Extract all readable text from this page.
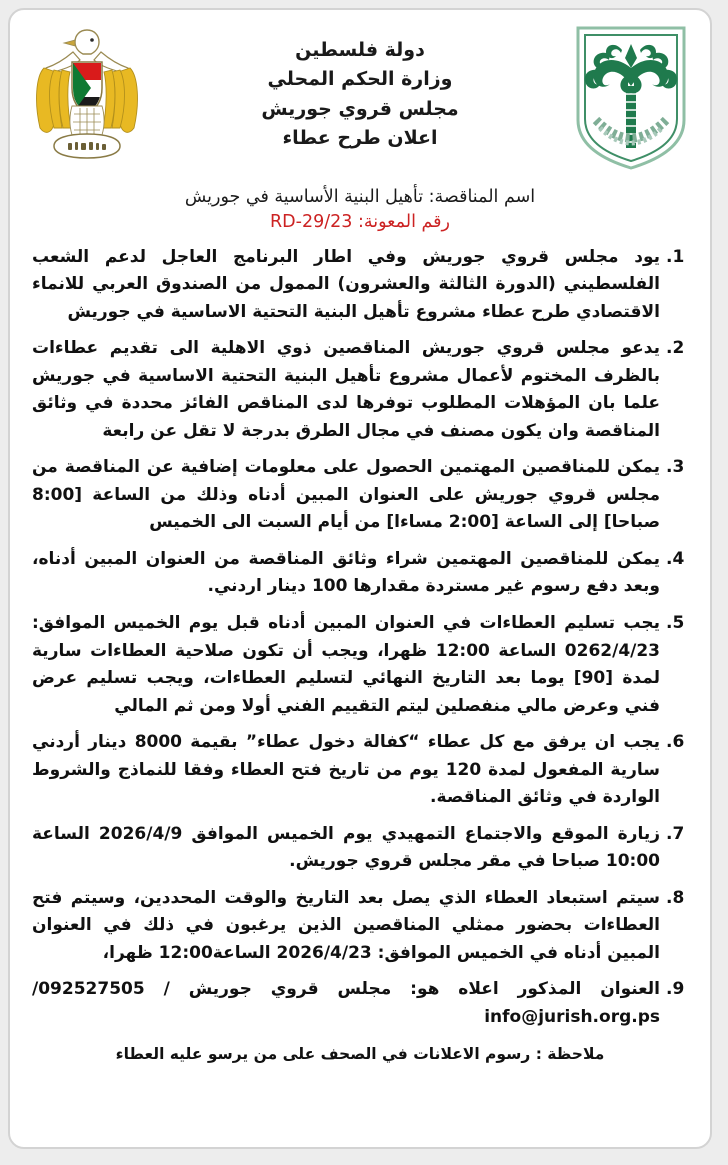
دولة فلسطين
وزارة الحكم المحلي
مجلس قروي جوريش
اعلان طرح عطاء
اسم المناقصة: تأهيل البنية الأساسية في جوريش
رقم المعونة: 23/RD-29
.1
يود مجلس قروي جوريش وفي اطار البرنامج العاجل لدعم الشعب الفلسطيني (الدورة الثالثة والعشرون) الممول من الصندوق العربي للانماء الاقتصادي طرح عطاء مشروع تأهيل البنية التحتية الاساسية في جوريش
.2
يدعو مجلس قروي جوريش المناقصين ذوي الاهلية الى تقديم عطاءات بالظرف المختوم لأعمال مشروع تأهيل البنية التحتية الاساسية في جوريش علما بان المؤهلات المطلوب توفرها لدى المناقص الفائز محددة في وثائق المناقصة وان يكون مصنف في مجال الطرق بدرجة لا تقل عن رابعة
.3
يمكن للمناقصين المهتمين الحصول على معلومات إضافية عن المناقصة من مجلس قروي جوريش على العنوان المبين أدناه وذلك من الساعة [8:00 صباحا] إلى الساعة [2:00 مساءا] من أيام السبت الى الخميس
.4
يمكن للمناقصين المهتمين شراء وثائق المناقصة من العنوان المبين أدناه، وبعد دفع رسوم غير مستردة مقدارها 100 دينار اردني.
.5
يجب تسليم العطاءات في العنوان المبين أدناه قبل يوم الخميس الموافق: 0262/4/23 الساعة 12:00 ظهرا، ويجب أن تكون صلاحية العطاءات سارية لمدة [90] يوما بعد التاريخ النهائي لتسليم العطاءات، ويجب تسليم عرض فني وعرض مالي منفصلين ليتم التقييم الفني أولا ومن ثم المالي
.6
يجب ان يرفق مع كل عطاء “كفالة دخول عطاء” بقيمة 8000 دينار أردني سارية المفعول لمدة 120 يوم من تاريخ فتح العطاء وفقا للنماذج والشروط الواردة في وثائق المناقصة.
.7
زيارة الموقع والاجتماع التمهيدي يوم الخميس الموافق 2026/4/9 الساعة 10:00 صباحا في مقر مجلس قروي جوريش.
.8
سيتم استبعاد العطاء الذي يصل بعد التاريخ والوقت المحددين، وسيتم فتح العطاءات بحضور ممثلي المناقصين الذين يرغبون في ذلك في العنوان المبين أدناه في الخميس الموافق: 2026/4/23 الساعة12:00 ظهرا،
.9
العنوان المذكور اعلاه هو: مجلس قروي جوريش / 092527505/ info@jurish.org.ps
ملاحظة : رسوم الاعلانات في الصحف على من يرسو عليه العطاء
